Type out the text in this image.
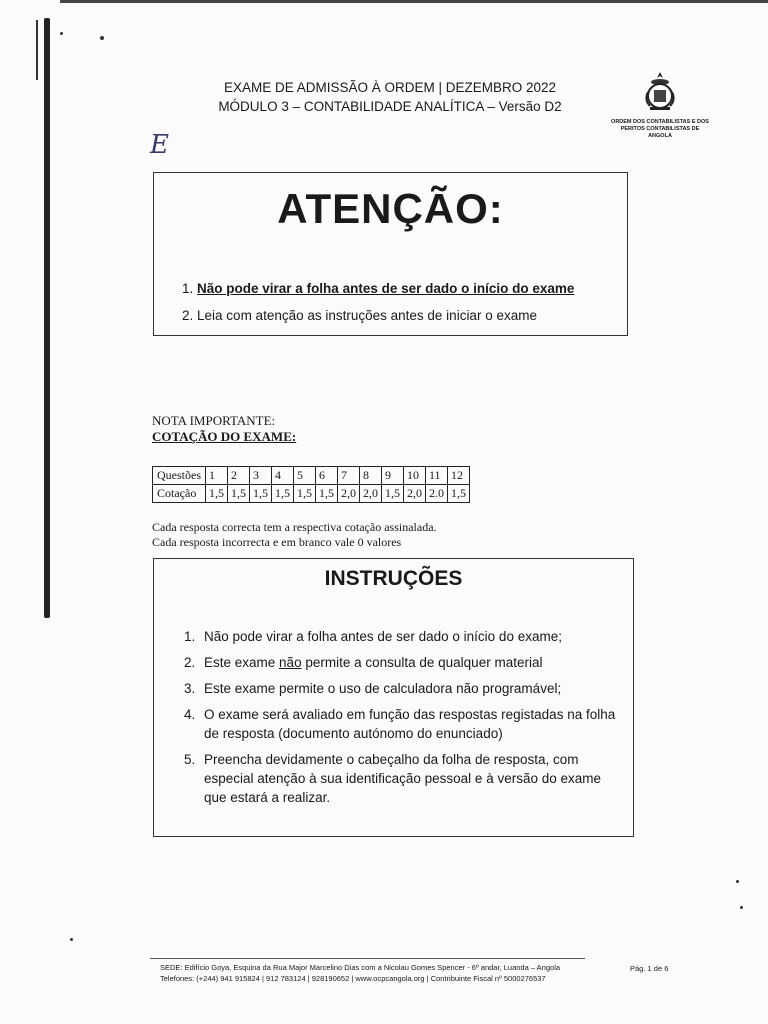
EXAME DE ADMISSÃO À ORDEM | DEZEMBRO 2022
MÓDULO 3 – CONTABILIDADE ANALÍTICA – Versão D2
ORDEM DOS CONTABILISTAS E DOS PERITOS CONTABILISTAS DE ANGOLA
E
ATENÇÃO:
1. Não pode virar a folha antes de ser dado o início do exame
2. Leia com atenção as instruções antes de iniciar o exame
NOTA IMPORTANTE:
COTAÇÃO DO EXAME:
Questões	1	2	3	4	5	6	7	8	9	10	11	12
Cotação	1,5	1,5	1,5	1,5	1,5	1,5	2,0	2,0	1,5	2,0	2.0	1,5
Cada resposta correcta tem a respectiva cotação assinalada.
Cada resposta incorrecta e em branco vale 0 valores
INSTRUÇÕES
1. Não pode virar a folha antes de ser dado o início do exame;
2. Este exame não permite a consulta de qualquer material
3. Este exame permite o uso de calculadora não programável;
4. O exame será avaliado em função das respostas registadas na folha de resposta (documento autónomo do enunciado)
5. Preencha devidamente o cabeçalho da folha de resposta, com especial atenção à sua identificação pessoal e à versão do exame que estará a realizar.
SEDE: Edifício Goya, Esquina da Rua Major Marcelino Dias com a Nicolau Gomes Spencer - 6º andar, Luanda – Angola
Telefones: (+244) 941 915824 | 912 783124 | 928190652 | www.ocpcangola.org | Contribuinte Fiscal nº 5000276537
Pág. 1 de 6
